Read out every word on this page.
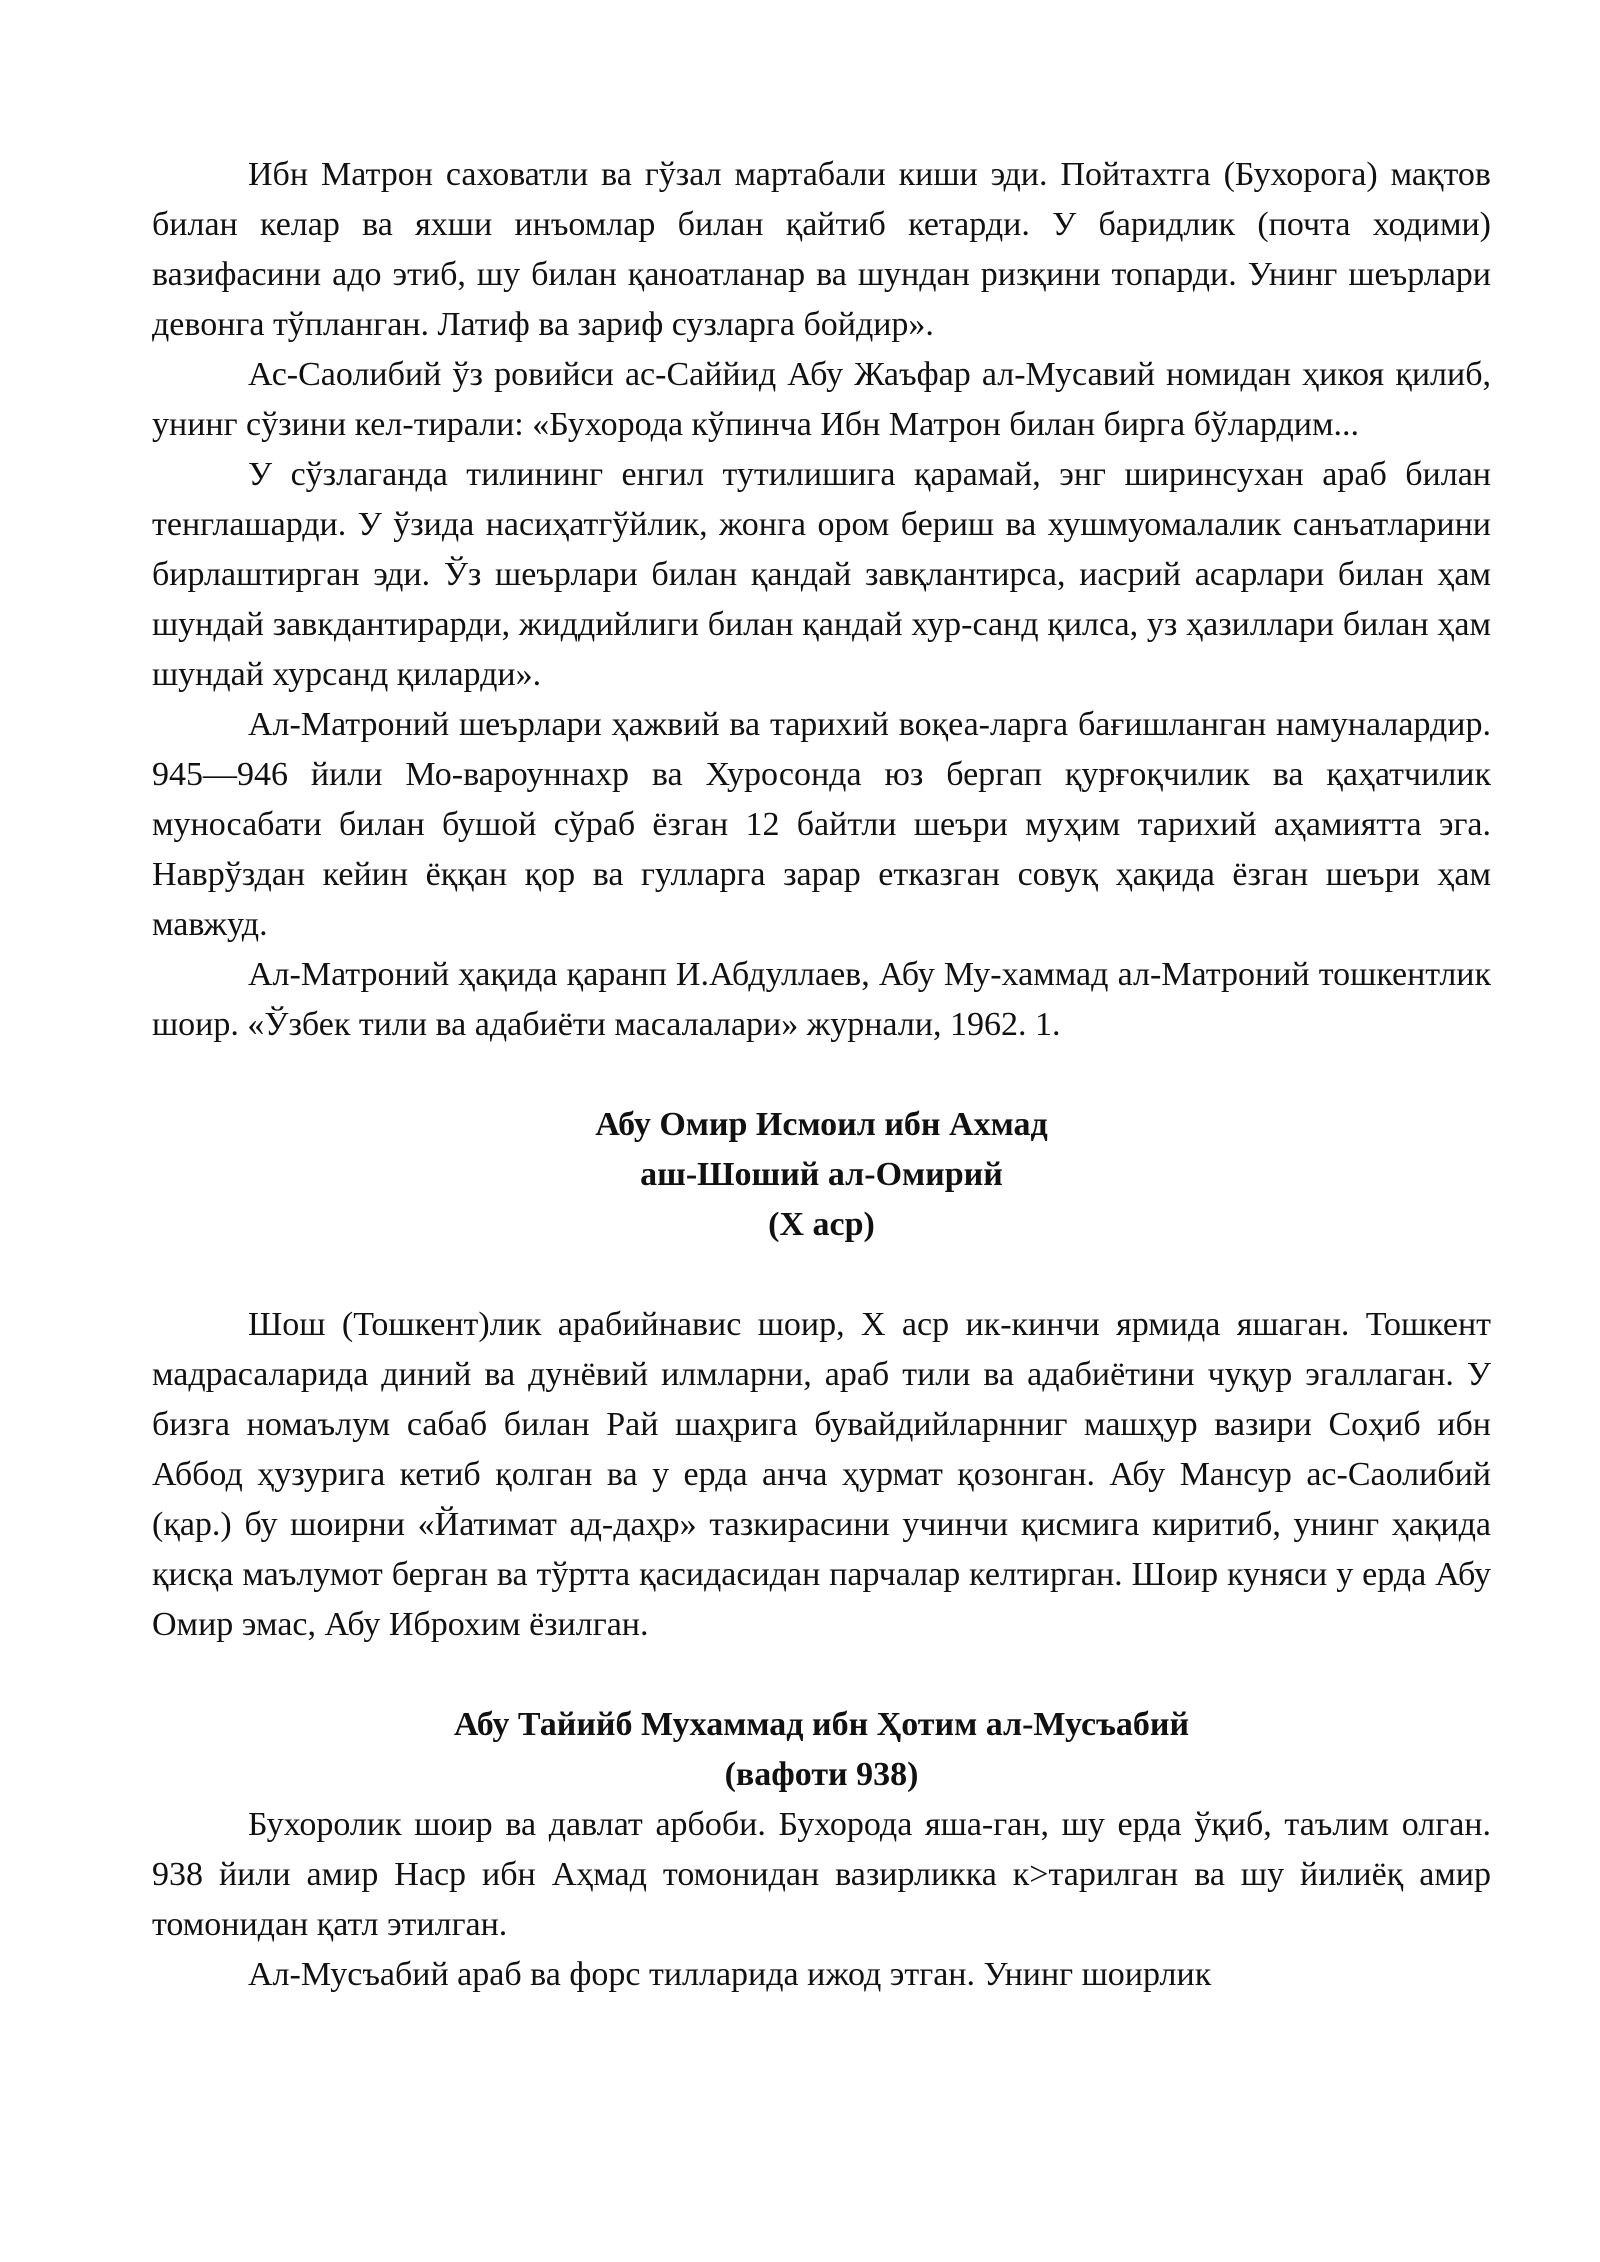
Ибн Матрон саховатли ва гўзал мартабали киши эди. Пойтахтга (Бухорога) мақтов билан келар ва яхши инъомлар билан қайтиб кетарди. У баридлик (почта ходими) вазифасини адо этиб, шу билан қаноатланар ва шундан ризқини топарди. Унинг шеърлари девонга тўпланган. Латиф ва зариф сузларга бойдир».

Ас-Саолибий ўз ровийси ас-Саййид Абу Жаъфар ал-Мусавий номидан ҳикоя қилиб, унинг сўзини кел-тирали: «Бухорода кўпинча Ибн Матрон билан бирга бўлардим...

У сўзлаганда тилининг енгил тутилишига қарамай, энг ширинсухан араб билан тенглашарди. У ўзида насиҳатгўйлик, жонга ором бериш ва хушмуомалалик санъатларини бирлаштирган эди. Ўз шеърлари билан қандай завқлантирса, иасрий асарлари билан ҳам шундай завкдантирарди, жиддийлиги билан қандай хур-санд қилса, уз ҳазиллари билан ҳам шундай хурсанд қиларди».

Ал-Матроний шеърлари ҳажвий ва тарихий воқеа-ларга бағишланган намуналардир. 945—946 йили Мо-вароуннахр ва Хуросонда юз бергап қурғоқчилик ва қаҳатчилик муносабати билан бушой сўраб ёзган 12 байтли шеъри муҳим тарихий аҳамиятта эга. Наврўздан кейин ёққан қор ва гулларга зарар етказган совуқ ҳақида ёзган шеъри ҳам мавжуд.

Ал-Матроний ҳақида қаранп И.Абдуллаев, Абу Му-хаммад ал-Матроний тошкентлик шоир. «Ўзбек тили ва адабиёти масалалари» журнали, 1962. 1.

Абу Омир Исмоил ибн Ахмад
аш-Шоший ал-Омирий
(X аср)

Шош (Тошкент)лик арабийнавис шоир, X аср ик-кинчи ярмида яшаган. Тошкент мадрасаларида диний ва дунёвий илмларни, араб тили ва адабиётини чуқур эгаллаган. У бизга номаълум сабаб билан Рай шаҳрига бувайдийларнниг машҳур вазири Соҳиб ибн Аббод ҳузурига кетиб қолган ва у ерда анча ҳурмат қозонган. Абу Мансур ас-Саолибий (қар.) бу шоирни «Йатимат ад-даҳр» тазкирасини учинчи қисмига киритиб, унинг ҳақида қисқа маълумот берган ва тўртта қасидасидан парчалар келтирган. Шоир куняси у ерда Абу Омир эмас, Абу Иброхим ёзилган.

Абу Тайийб Мухаммад ибн Ҳотим ал-Мусъабий
(вафоти 938)

Бухоролик шоир ва давлат арбоби. Бухорода яша-ган, шу ерда ўқиб, таълим олган. 938 йили амир Наср ибн Аҳмад томонидан вазирликка к>тарилган ва шу йилиёқ амир томонидан қатл этилган.

Ал-Мусъабий араб ва форс тилларида ижод этган. Унинг шоирлик
